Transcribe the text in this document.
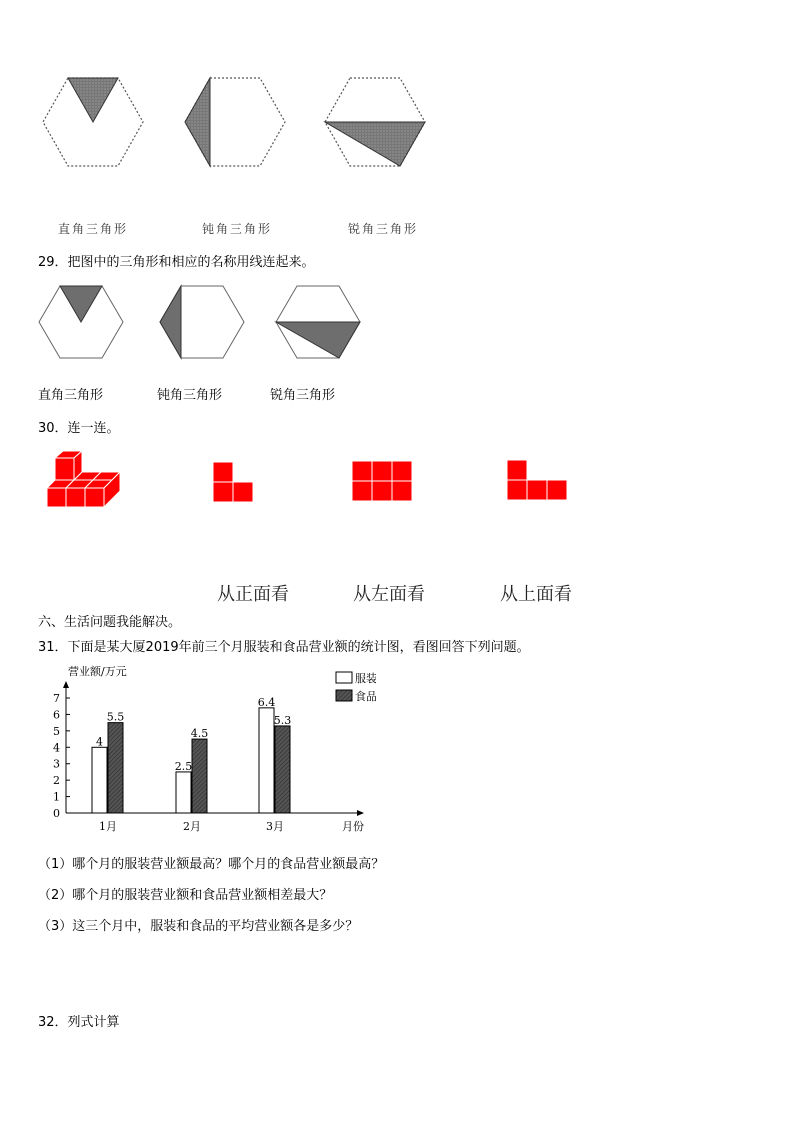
直角三角形	钝角三角形	锐角三角形
29．把图中的三角形和相应的名称用线连起来。
直角三角形	钝角三角形	锐角三角形
30．连一连。
从正面看	从左面看	从上面看
六、生活问题我能解决。
31．下面是某大厦2019年前三个月服装和食品营业额的统计图，看图回答下列问题。
营业额/万元
0
1
2
3
4
5
6
7
1月	2月	3月	月份
4
5.5
2.5
4.5
6.4
5.3
服装
食品
（1）哪个月的服装营业额最高？哪个月的食品营业额最高？
（2）哪个月的服装营业额和食品营业额相差最大？
（3）这三个月中，服装和食品的平均营业额各是多少？
32．列式计算
